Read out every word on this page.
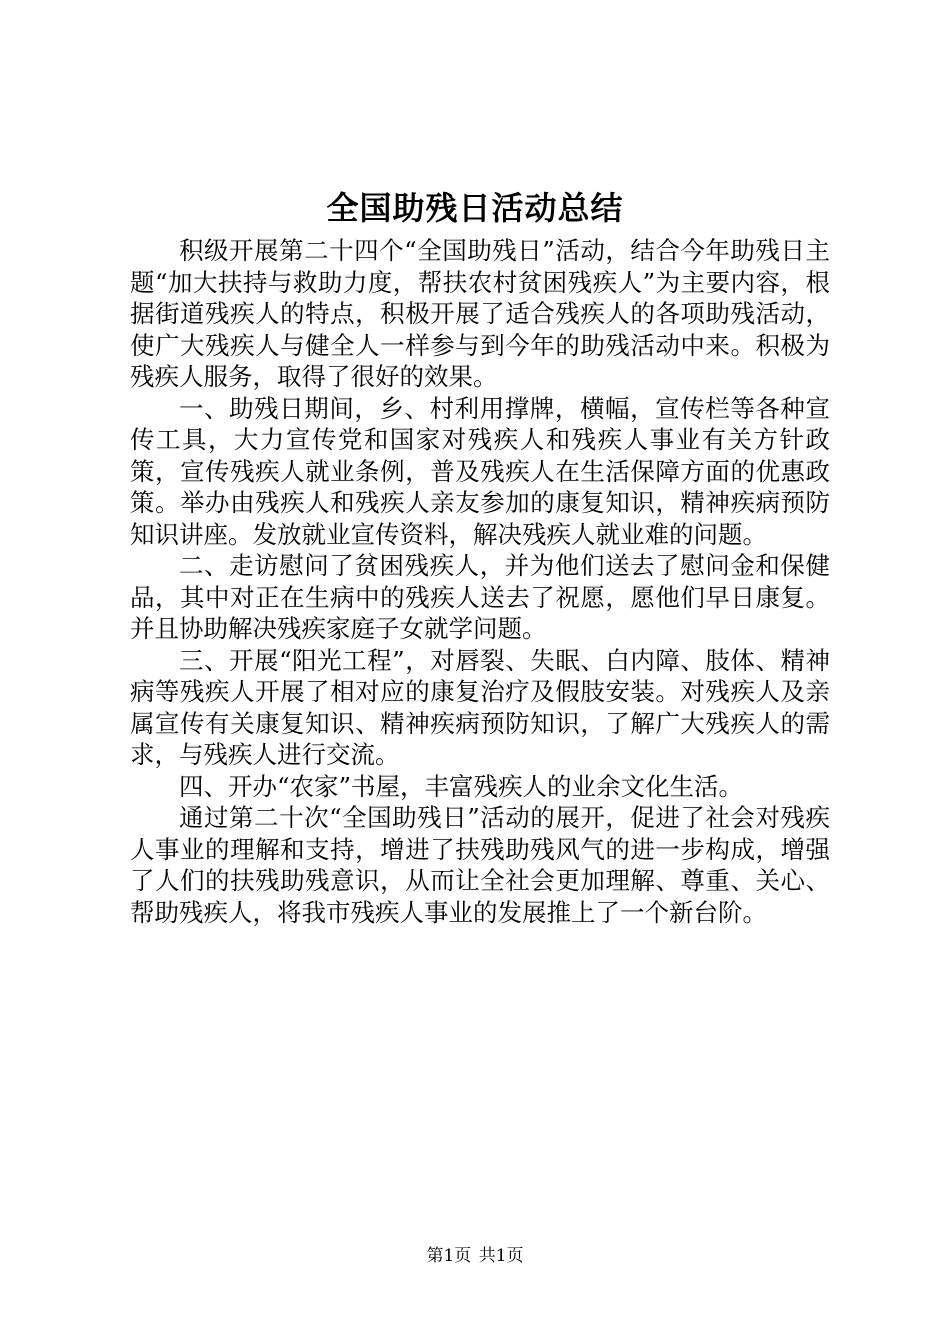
全国助残日活动总结

积级开展第二十四个“全国助残日”活动，结合今年助残日主题“加大扶持与救助力度，帮扶农村贫困残疾人”为主要内容，根据街道残疾人的特点，积极开展了适合残疾人的各项助残活动，使广大残疾人与健全人一样参与到今年的助残活动中来。积极为残疾人服务，取得了很好的效果。

一、助残日期间，乡、村利用撑牌，横幅，宣传栏等各种宣传工具，大力宣传党和国家对残疾人和残疾人事业有关方针政策，宣传残疾人就业条例，普及残疾人在生活保障方面的优惠政策。举办由残疾人和残疾人亲友参加的康复知识，精神疾病预防知识讲座。发放就业宣传资料，解决残疾人就业难的问题。

二、走访慰问了贫困残疾人，并为他们送去了慰问金和保健品，其中对正在生病中的残疾人送去了祝愿，愿他们早日康复。并且协助解决残疾家庭子女就学问题。

三、开展“阳光工程”，对唇裂、失眠、白内障、肢体、精神病等残疾人开展了相对应的康复治疗及假肢安装。对残疾人及亲属宣传有关康复知识、精神疾病预防知识，了解广大残疾人的需求，与残疾人进行交流。

四、开办“农家”书屋，丰富残疾人的业余文化生活。

通过第二十次“全国助残日”活动的展开，促进了社会对残疾人事业的理解和支持，增进了扶残助残风气的进一步构成，增强了人们的扶残助残意识，从而让全社会更加理解、尊重、关心、帮助残疾人，将我市残疾人事业的发展推上了一个新台阶。

第1页 共1页
